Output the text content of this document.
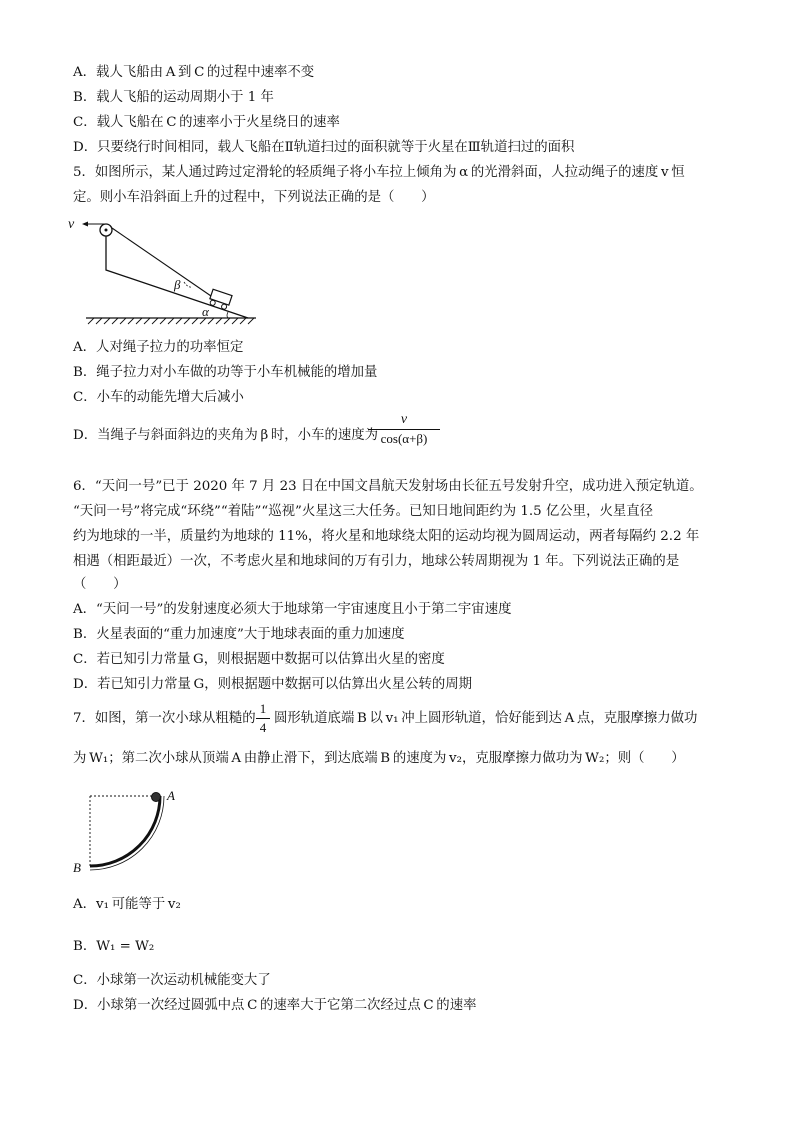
A．载人飞船由 A 到 C 的过程中速率不变
B．载人飞船的运动周期小于 1 年
C．载人飞船在 C 的速率小于火星绕日的速率
D．只要绕行时间相同，载人飞船在Ⅱ轨道扫过的面积就等于火星在Ⅲ轨道扫过的面积
5．如图所示，某人通过跨过定滑轮的轻质绳子将小车拉上倾角为 α 的光滑斜面，人拉动绳子的速度 v 恒
定。则小车沿斜面上升的过程中，下列说法正确的是（　　）
v
β
α
A．人对绳子拉力的功率恒定
B．绳子拉力对小车做的功等于小车机械能的增加量
C．小车的动能先增大后减小
D．当绳子与斜面斜边的夹角为 β 时，小车的速度为
v
cos(α+β)
6．“天问一号”已于 2020 年 7 月 23 日在中国文昌航天发射场由长征五号发射升空，成功进入预定轨道。
“天问一号”将完成“环绕”“着陆”“巡视”火星这三大任务。已知日地间距约为 1.5 亿公里，火星直径
约为地球的一半，质量约为地球的 11%，将火星和地球绕太阳的运动均视为圆周运动，两者每隔约 2.2 年
相遇（相距最近）一次，不考虑火星和地球间的万有引力，地球公转周期视为 1 年。下列说法正确的是
（　　）
A．“天问一号”的发射速度必须大于地球第一宇宙速度且小于第二宇宙速度
B．火星表面的“重力加速度”大于地球表面的重力加速度
C．若已知引力常量 G，则根据题中数据可以估算出火星的密度
D．若已知引力常量 G，则根据题中数据可以估算出火星公转的周期
7．如图，第一次小球从粗糙的
1
4
圆形轨道底端 B 以 v₁ 冲上圆形轨道，恰好能到达 A 点，克服摩擦力做功
为 W₁；第二次小球从顶端 A 由静止滑下，到达底端 B 的速度为 v₂，克服摩擦力做功为 W₂；则（　　）
A
B
A．v₁ 可能等于 v₂
B．W₁ = W₂
C．小球第一次运动机械能变大了
D．小球第一次经过圆弧中点 C 的速率大于它第二次经过点 C 的速率
